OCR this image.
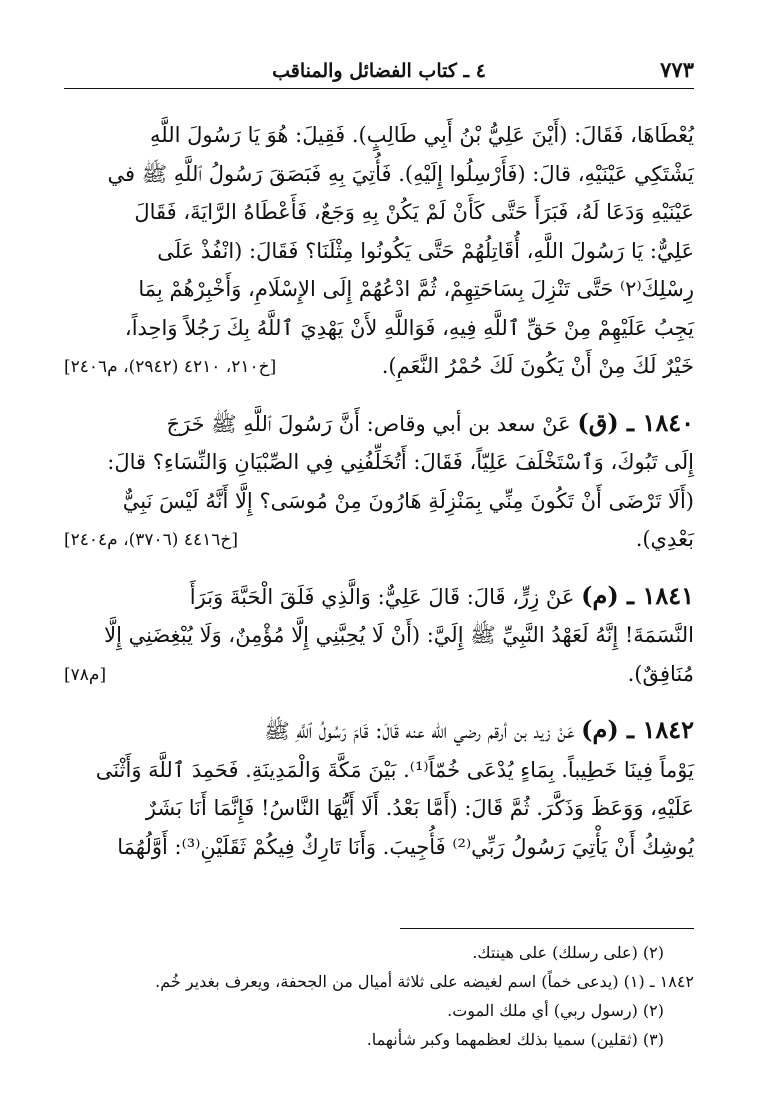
٤ ـ كتاب الفضائل والمناقب	٧٧٣

يُعْطَاهَا، فَقَالَ: (أَيْنَ عَلِيُّ بْنُ أَبِي طَالِبٍ). فَقِيلَ: هُوَ يَا رَسُولَ اللَّهِ

يَشْتَكِي عَيْنَيْهِ، قالَ: (فَأَرْسِلُوا إِلَيْهِ). فَأُتِيَ بِهِ فَبَصَقَ رَسُولُ ٱللَّهِ ﷺ في

عَيْنَيْهِ وَدَعَا لَهُ، فَبَرَأَ حَتَّى كَأَنْ لَمْ يَكُنْ بِهِ وَجَعٌ، فَأَعْطَاهُ الرَّايَةَ، فَقَالَ

عَلِيٌّ: يَا رَسُولَ اللَّهِ، أُقَاتِلُهُمْ حَتَّى يَكُونُوا مِثْلَنَا؟ فَقَالَ: (انْفُذْ عَلَى

رِسْلِكَ⁽٢⁾ حَتَّى تَنْزِلَ بِسَاحَتِهِمْ، ثُمَّ ادْعُهُمْ إِلَى الإِسْلَامِ، وَأَخْبِرْهُمْ بِمَا

يَجِبُ عَلَيْهِمْ مِنْ حَقِّ ٱللَّهِ فِيهِ، فَوَاللَّهِ لأَنْ يَهْدِيَ ٱللَّهُ بِكَ رَجُلاً وَاحِداً،

خَيْرٌ لَكَ مِنْ أَنْ يَكُونَ لَكَ حُمْرُ النَّعَمِ).
[خ٢١٠، ٤٢١٠ (٢٩٤٢)، م٢٤٠٦]

١٨٤٠ ـ (ق) عَنْ سعد بن أبي وقاص: أَنَّ رَسُولَ ٱللَّهِ ﷺ خَرَجَ

إِلَى تَبُوكَ، وَٱسْتَخْلَفَ عَلِيّاً، فَقَالَ: أَتُخَلِّفُنِي فِي الصِّبْيَانِ وَالنِّسَاءِ؟ قالَ:

(أَلَا تَرْضَى أَنْ تَكُونَ مِنِّي بِمَنْزِلَةِ هَارُونَ مِنْ مُوسَى؟ إِلَّا أَنَّهُ لَيْسَ نَبِيٌّ

بَعْدِي).
[خ٤٤١٦ (٣٧٠٦)، م٢٤٠٤]

١٨٤١ ـ (م) عَنْ زِرٍّ، قَالَ: قَالَ عَلِيٌّ: وَالَّذِي فَلَقَ الْحَبَّةَ وَبَرَأَ

النَّسَمَةَ! إِنَّهُ لَعَهْدُ النَّبِيِّ ﷺ إِلَيَّ: (أَنْ لَا يُحِبَّنِي إِلَّا مُؤْمِنٌ، وَلَا يُبْغِضَنِي إِلَّا

مُنَافِقٌ).
[م٧٨]

١٨٤٢ ـ (م) عَنْ زيد بن أرقم رضي الله عنه قَالَ: قَامَ رَسُولُ ٱللَّهِ ﷺ

يَوْماً فِينَا خَطِيباً. بِمَاءٍ يُدْعَى خُمّاً⁽¹⁾. بَيْنَ مَكَّةَ وَالْمَدِينَةِ. فَحَمِدَ ٱللَّهَ وَأَثْنَى

عَلَيْهِ، وَوَعَظَ وَذَكَّرَ. ثُمَّ قَالَ: (أَمَّا بَعْدُ. أَلَا أَيُّهَا النَّاسُ! فَإِنَّمَا أَنَا بَشَرٌ

يُوشِكُ أَنْ يَأْتِيَ رَسُولُ رَبِّي⁽²⁾ فَأُجِيبَ. وَأَنَا تَارِكٌ فِيكُمْ ثَقَلَيْنِ⁽³⁾: أَوَّلُهُمَا

(٢) (على رسلك) على هينتك.
١٨٤٢ ـ (١) (يدعى خماً) اسم لغيضه على ثلاثة أميال من الجحفة، ويعرف بغدير خُم.
(٢) (رسول ربي) أي ملك الموت.
(٣) (ثقلين) سميا بذلك لعظمهما وكبر شأنهما.
